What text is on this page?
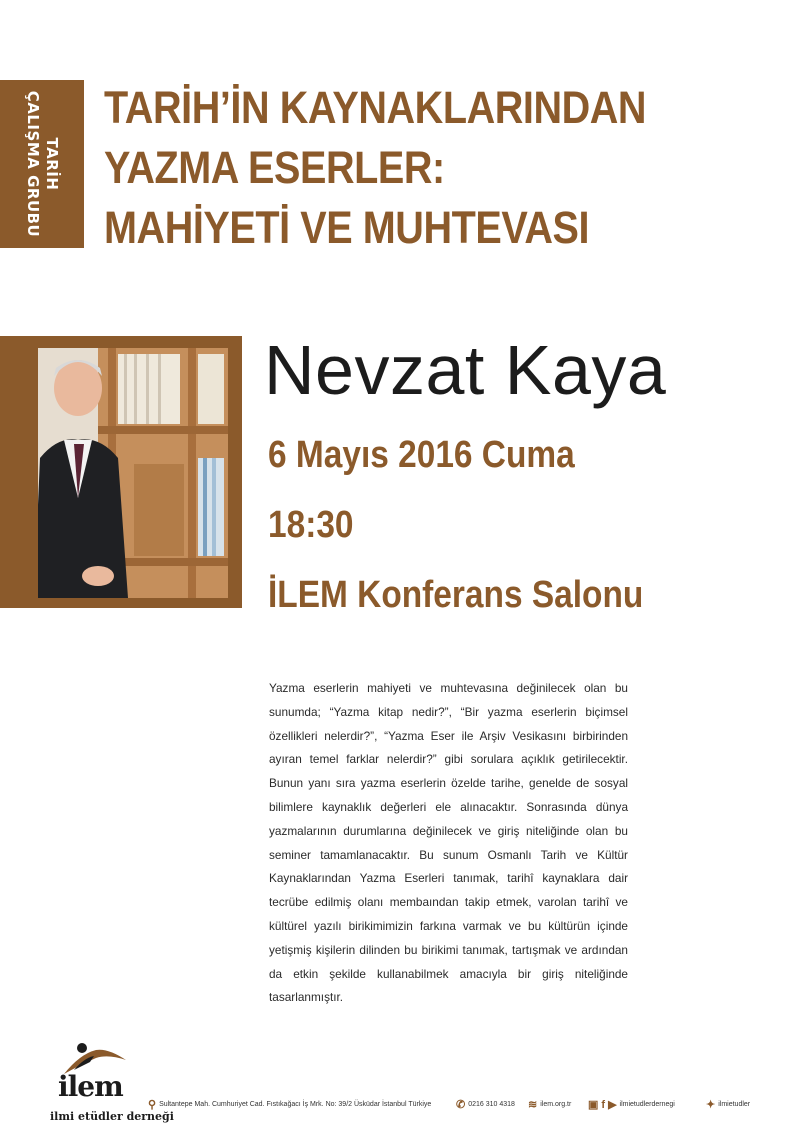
TARİH
ÇALIŞMA GRUBU TARİH’İN KAYNAKLARINDAN
YAZMA ESERLER:
MAHİYETİ VE MUHTEVASI
Nevzat Kaya
6 Mayıs 2016 Cuma
18:30
İLEM Konferans Salonu
Yazma eserlerin mahiyeti ve muhtevasına değinilecek olan bu sunumda; “Yazma kitap nedir?”, “Bir yazma eserlerin biçimsel özellikleri nelerdir?”, “Yazma Eser ile Arşiv Vesikasını birbirinden ayıran temel farklar nelerdir?” gibi sorulara açıklık getirilecektir. Bunun yanı sıra yazma eserlerin özelde tarihe, genelde de sosyal bilimlere kaynaklık değerleri ele alınacaktır. Sonrasında dünya yazmalarının durumlarına değinilecek ve giriş niteliğinde olan bu seminer tamamlanacaktır. Bu sunum Osmanlı Tarih ve Kültür Kaynaklarından Yazma Eserleri tanımak, tarihî kaynaklara dair tecrübe edilmiş olanı membaından takip etmek, varolan tarihî ve kültürel yazılı birikimimizin farkına varmak ve bu kültürün içinde yetişmiş kişilerin dilinden bu birikimi tanımak, tartışmak ve ardından da etkin şekilde kullanabilmek amacıyla bir giriş niteliğinde tasarlanmıştır.
ilem
ilmi etüdler derneği
⚲ Sultantepe Mah. Cumhuriyet Cad. Fıstıkağacı İş Mrk. No: 39/2 Üsküdar İstanbul Türkiye ✆ 0216 310 4318 ≋ ilem.org.tr ▣ f ▶ ilmietudlerdernegi	✦ ilmietudler
